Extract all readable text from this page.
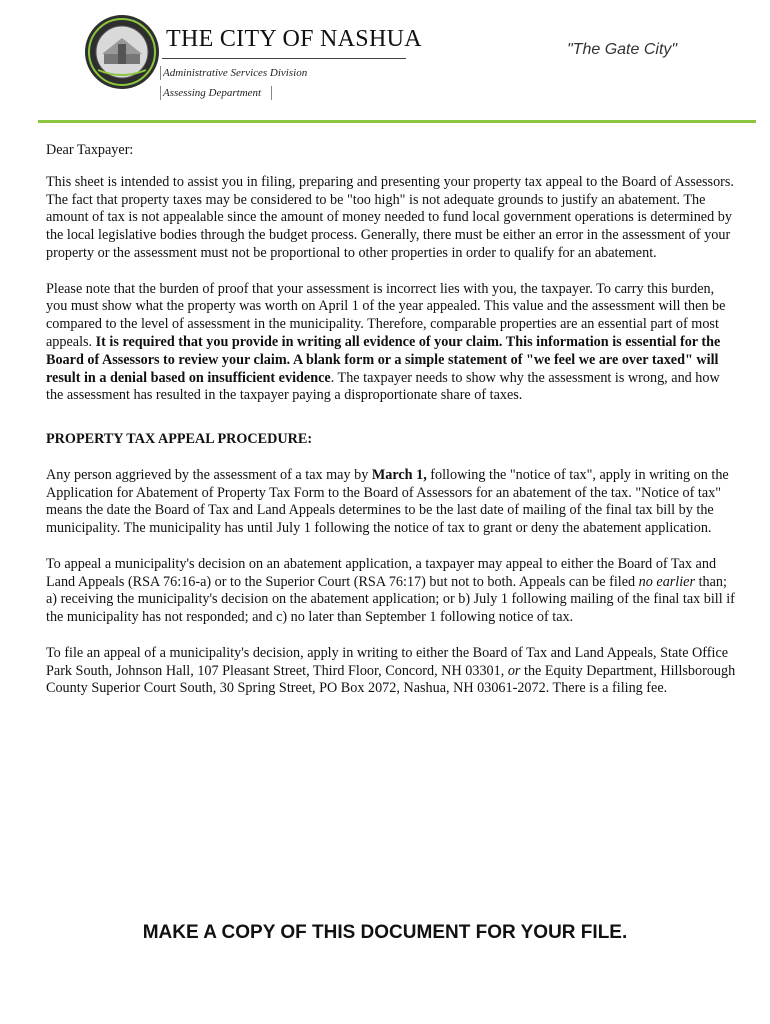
THE CITY OF NASHUA
Administrative Services Division
Assessing Department
"The Gate City"

Dear Taxpayer:

This sheet is intended to assist you in filing, preparing and presenting your property tax appeal to the Board of Assessors. The fact that property taxes may be considered to be "too high" is not adequate grounds to justify an abatement. The amount of tax is not appealable since the amount of money needed to fund local government operations is determined by the local legislative bodies through the budget process. Generally, there must be either an error in the assessment of your property or the assessment must not be proportional to other properties in order to qualify for an abatement.

Please note that the burden of proof that your assessment is incorrect lies with you, the taxpayer. To carry this burden, you must show what the property was worth on April 1 of the year appealed. This value and the assessment will then be compared to the level of assessment in the municipality. Therefore, comparable properties are an essential part of most appeals. It is required that you provide in writing all evidence of your claim. This information is essential for the Board of Assessors to review your claim. A blank form or a simple statement of "we feel we are over taxed" will result in a denial based on insufficient evidence. The taxpayer needs to show why the assessment is wrong, and how the assessment has resulted in the taxpayer paying a disproportionate share of taxes.

PROPERTY TAX APPEAL PROCEDURE:

Any person aggrieved by the assessment of a tax may by March 1, following the "notice of tax", apply in writing on the Application for Abatement of Property Tax Form to the Board of Assessors for an abatement of the tax. "Notice of tax" means the date the Board of Tax and Land Appeals determines to be the last date of mailing of the final tax bill by the municipality. The municipality has until July 1 following the notice of tax to grant or deny the abatement application.

To appeal a municipality's decision on an abatement application, a taxpayer may appeal to either the Board of Tax and Land Appeals (RSA 76:16-a) or to the Superior Court (RSA 76:17) but not to both. Appeals can be filed no earlier than; a) receiving the municipality's decision on the abatement application; or b) July 1 following mailing of the final tax bill if the municipality has not responded; and c) no later than September 1 following notice of tax.

To file an appeal of a municipality's decision, apply in writing to either the Board of Tax and Land Appeals, State Office Park South, Johnson Hall, 107 Pleasant Street, Third Floor, Concord, NH 03301, or the Equity Department, Hillsborough County Superior Court South, 30 Spring Street, PO Box 2072, Nashua, NH 03061-2072. There is a filing fee.

MAKE A COPY OF THIS DOCUMENT FOR YOUR FILE.
